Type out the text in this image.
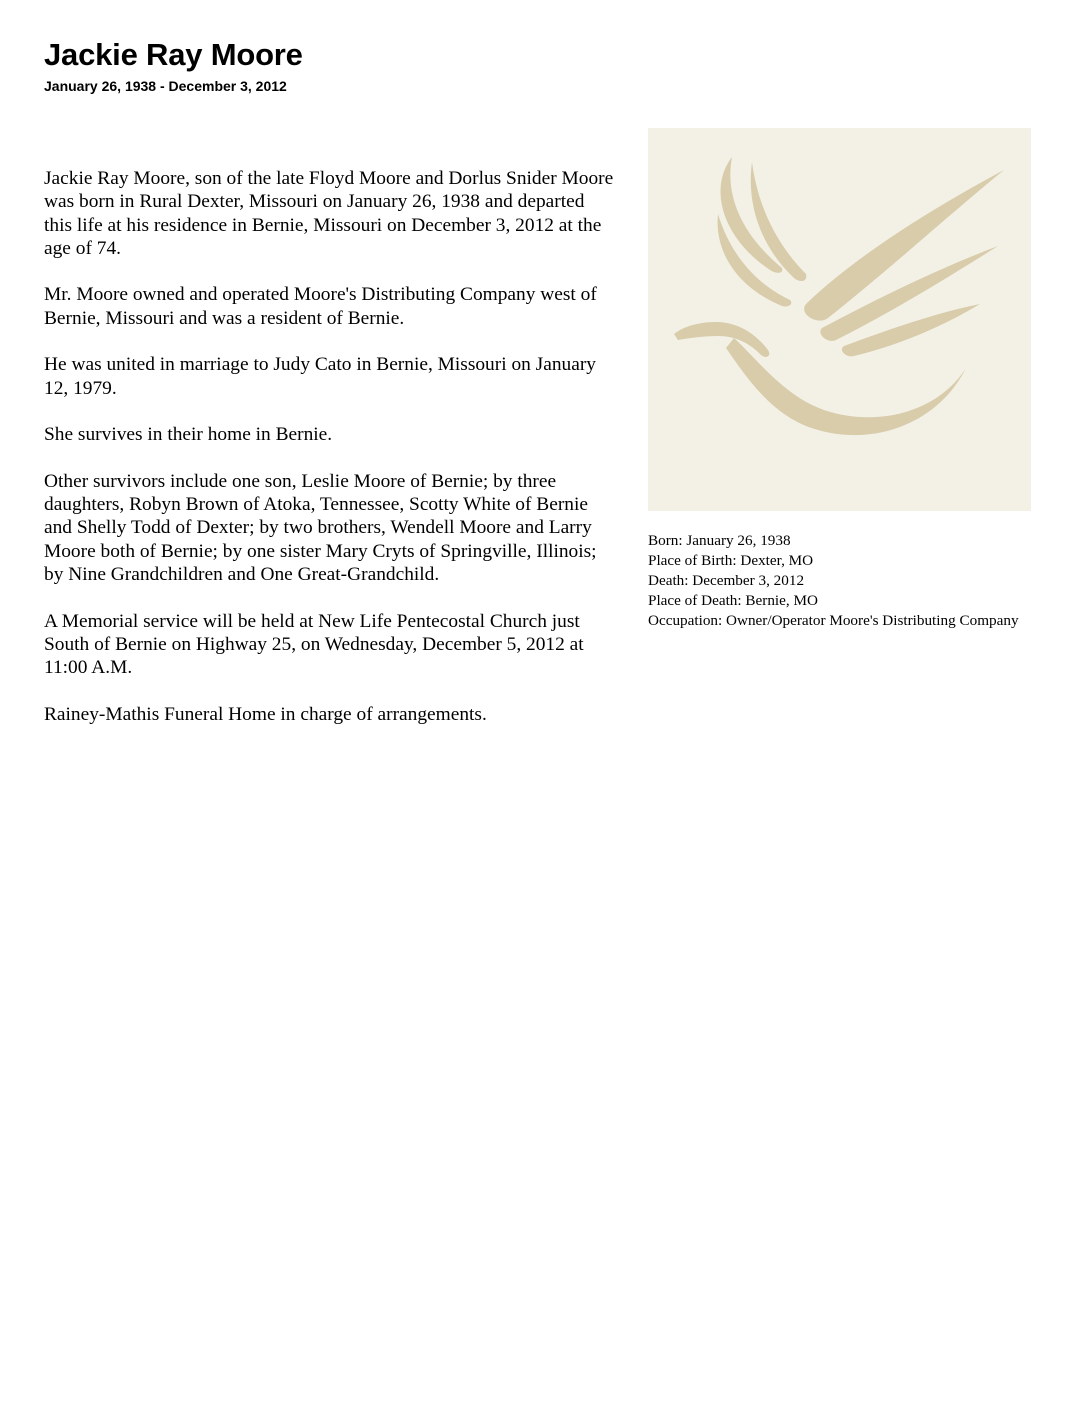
Jackie Ray Moore
January 26, 1938 - December 3, 2012

Jackie Ray Moore, son of the late Floyd Moore and Dorlus Snider Moore was born in Rural Dexter, Missouri on January 26, 1938 and departed this life at his residence in Bernie, Missouri on December 3, 2012 at the age of 74.

Mr. Moore owned and operated Moore's Distributing Company west of Bernie, Missouri and was a resident of Bernie.

He was united in marriage to Judy Cato in Bernie, Missouri on January 12, 1979.

She survives in their home in Bernie.

Other survivors include one son, Leslie Moore of Bernie; by three daughters, Robyn Brown of Atoka, Tennessee, Scotty White of Bernie and Shelly Todd of Dexter; by two brothers, Wendell Moore and Larry Moore both of Bernie; by one sister Mary Cryts of Springville, Illinois; by Nine Grandchildren and One Great-Grandchild.

A Memorial service will be held at New Life Pentecostal Church just South of Bernie on Highway 25, on Wednesday, December 5, 2012 at 11:00 A.M.

Rainey-Mathis Funeral Home in charge of arrangements.

Born: January 26, 1938
Place of Birth: Dexter, MO
Death: December 3, 2012
Place of Death: Bernie, MO
Occupation: Owner/Operator Moore's Distributing Company
